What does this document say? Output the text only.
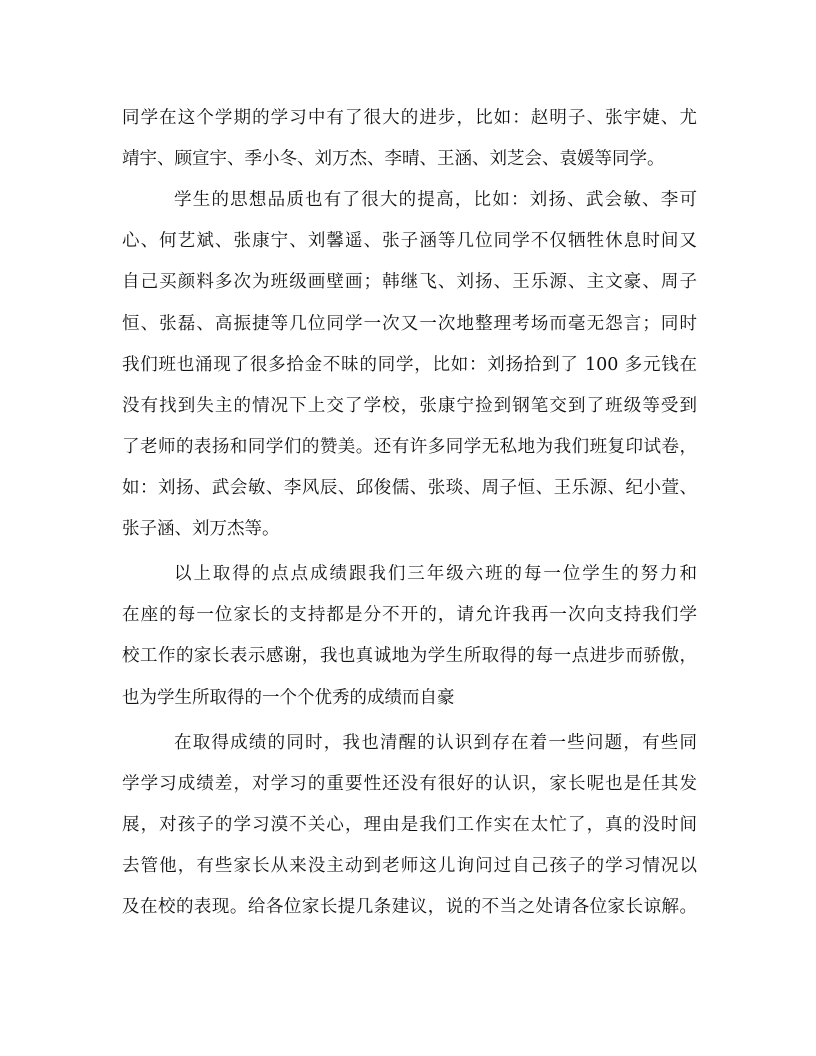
同学在这个学期的学习中有了很大的进步，比如：赵明子、张宇婕、尤
靖宇、顾宣宇、季小冬、刘万杰、李晴、王涵、刘芝会、袁媛等同学。
学生的思想品质也有了很大的提高，比如：刘扬、武会敏、李可
心、何艺斌、张康宁、刘馨遥、张子涵等几位同学不仅牺牲休息时间又
自己买颜料多次为班级画壁画；韩继飞、刘扬、王乐源、主文豪、周子
恒、张磊、高振捷等几位同学一次又一次地整理考场而毫无怨言；同时
我们班也涌现了很多拾金不昧的同学，比如：刘扬拾到了 100 多元钱在
没有找到失主的情况下上交了学校，张康宁捡到钢笔交到了班级等受到
了老师的表扬和同学们的赞美。还有许多同学无私地为我们班复印试卷，
如：刘扬、武会敏、李风辰、邱俊儒、张琰、周子恒、王乐源、纪小萱、
张子涵、刘万杰等。
以上取得的点点成绩跟我们三年级六班的每一位学生的努力和
在座的每一位家长的支持都是分不开的，请允许我再一次向支持我们学
校工作的家长表示感谢，我也真诚地为学生所取得的每一点进步而骄傲，
也为学生所取得的一个个优秀的成绩而自豪
在取得成绩的同时，我也清醒的认识到存在着一些问题，有些同
学学习成绩差，对学习的重要性还没有很好的认识，家长呢也是任其发
展，对孩子的学习漠不关心，理由是我们工作实在太忙了，真的没时间
去管他，有些家长从来没主动到老师这儿询问过自己孩子的学习情况以
及在校的表现。给各位家长提几条建议，说的不当之处请各位家长谅解。
